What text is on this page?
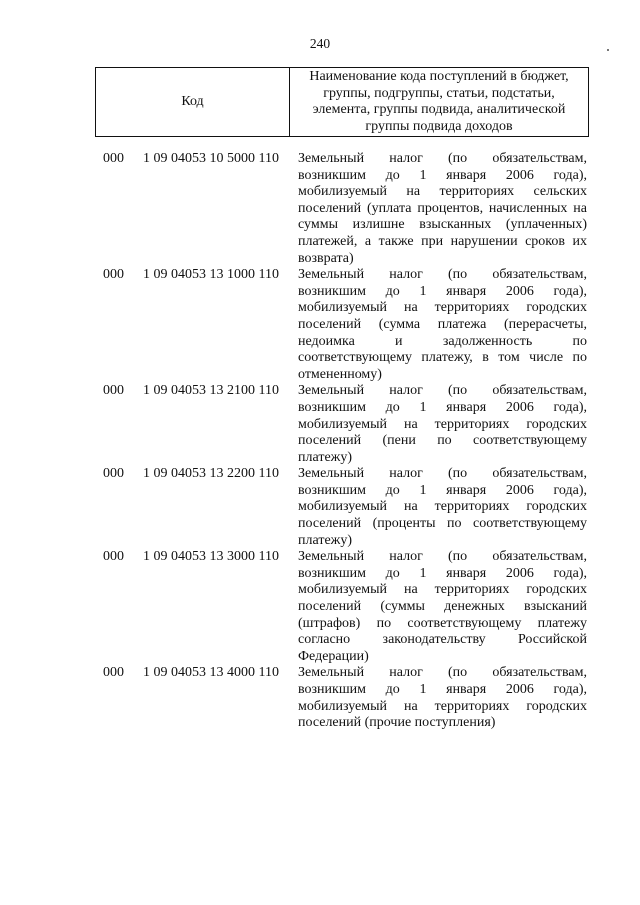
240
Код	Наименование кода поступлений в бюджет, группы, подгруппы, статьи, подстатьи, элемента, группы подвида, аналитической группы подвида доходов
000 1 09 04053 10 5000 110 Земельный налог (по обязательствам, возникшим до 1 января 2006 года), мобилизуемый на территориях сельских поселений (уплата процентов, начисленных на суммы излишне взысканных (уплаченных) платежей, а также при нарушении сроков их возврата)
000 1 09 04053 13 1000 110 Земельный налог (по обязательствам, возникшим до 1 января 2006 года), мобилизуемый на территориях городских поселений (сумма платежа (перерасчеты, недоимка и задолженность по соответствующему платежу, в том числе по отмененному)
000 1 09 04053 13 2100 110 Земельный налог (по обязательствам, возникшим до 1 января 2006 года), мобилизуемый на территориях городских поселений (пени по соответствующему платежу)
000 1 09 04053 13 2200 110 Земельный налог (по обязательствам, возникшим до 1 января 2006 года), мобилизуемый на территориях городских поселений (проценты по соответствующему платежу)
000 1 09 04053 13 3000 110 Земельный налог (по обязательствам, возникшим до 1 января 2006 года), мобилизуемый на территориях городских поселений (суммы денежных взысканий (штрафов) по соответствующему платежу согласно законодательству Российской Федерации)
000 1 09 04053 13 4000 110 Земельный налог (по обязательствам, возникшим до 1 января 2006 года), мобилизуемый на территориях городских поселений (прочие поступления)
